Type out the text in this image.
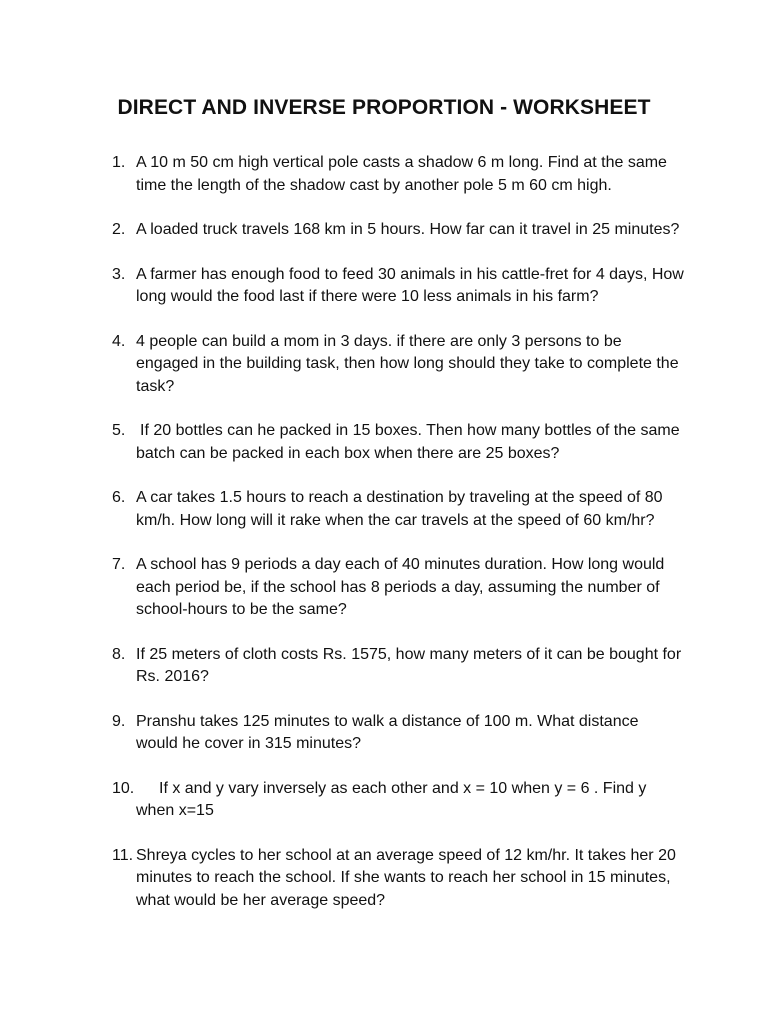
DIRECT AND INVERSE PROPORTION - WORKSHEET
1. A 10 m 50 cm high vertical pole casts a shadow 6 m long. Find at the same time the length of the shadow cast by another pole 5 m 60 cm high.
2. A loaded truck travels 168 km in 5 hours. How far can it travel in 25 minutes?
3. A farmer has enough food to feed 30 animals in his cattle-fret for 4 days, How long would the food last if there were 10 less animals in his farm?
4. 4 people can build a mom in 3 days. if there are only 3 persons to be engaged in the building task, then how long should they take to complete the task?
5. If 20 bottles can he packed in 15 boxes. Then how many bottles of the same batch can be packed in each box when there are 25 boxes?
6. A car takes 1.5 hours to reach a destination by traveling at the speed of 80 km/h. How long will it rake when the car travels at the speed of 60 km/hr?
7. A school has 9 periods a day each of 40 minutes duration. How long would each period be, if the school has 8 periods a day, assuming the number of school-hours to be the same?
8. If 25 meters of cloth costs Rs. 1575, how many meters of it can be bought for Rs. 2016?
9. Pranshu takes 125 minutes to walk a distance of 100 m. What distance would he cover in 315 minutes?
10.	If x and y vary inversely as each other and x = 10 when y = 6 . Find y when x=15
11. Shreya cycles to her school at an average speed of 12 km/hr. It takes her 20 minutes to reach the school. If she wants to reach her school in 15 minutes, what would be her average speed?
